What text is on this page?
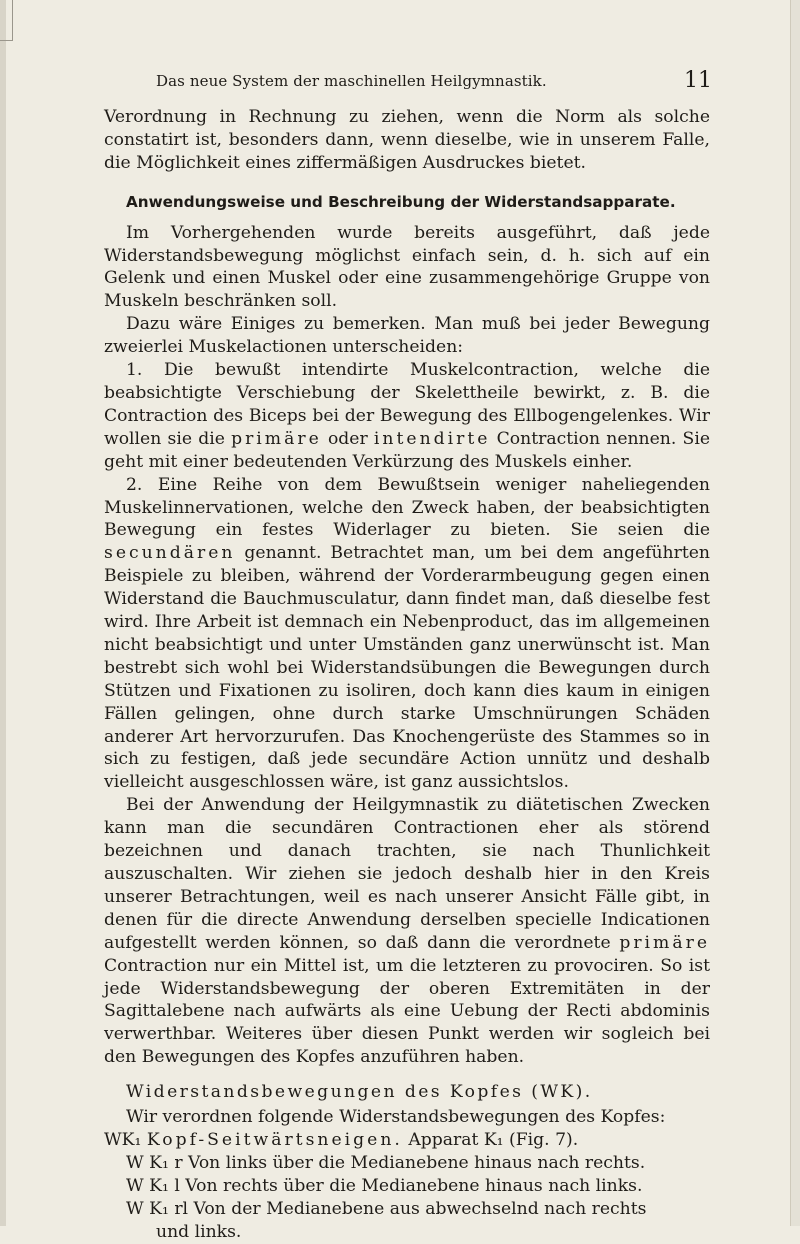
Das neue System der maschinellen Heilgymnastik.	11

Verordnung in Rechnung zu ziehen, wenn die Norm als solche constatirt ist, besonders dann, wenn dieselbe, wie in unserem Falle, die Möglichkeit eines ziffermäßigen Ausdruckes bietet.

Anwendungsweise und Beschreibung der Widerstandsapparate.

Im Vorhergehenden wurde bereits ausgeführt, daß jede Widerstandsbewegung möglichst einfach sein, d. h. sich auf ein Gelenk und einen Muskel oder eine zusammengehörige Gruppe von Muskeln beschränken soll.

Dazu wäre Einiges zu bemerken. Man muß bei jeder Bewegung zweierlei Muskelactionen unterscheiden:

1. Die bewußt intendirte Muskelcontraction, welche die beabsichtigte Verschiebung der Skelettheile bewirkt, z. B. die Contraction des Biceps bei der Bewegung des Ellbogengelenkes. Wir wollen sie die primäre oder intendirte Contraction nennen. Sie geht mit einer bedeutenden Verkürzung des Muskels einher.

2. Eine Reihe von dem Bewußtsein weniger naheliegenden Muskelinnervationen, welche den Zweck haben, der beabsichtigten Bewegung ein festes Widerlager zu bieten. Sie seien die secundären genannt. Betrachtet man, um bei dem angeführten Beispiele zu bleiben, während der Vorderarmbeugung gegen einen Widerstand die Bauchmusculatur, dann findet man, daß dieselbe fest wird. Ihre Arbeit ist demnach ein Nebenproduct, das im allgemeinen nicht beabsichtigt und unter Umständen ganz unerwünscht ist. Man bestrebt sich wohl bei Widerstandsübungen die Bewegungen durch Stützen und Fixationen zu isoliren, doch kann dies kaum in einigen Fällen gelingen, ohne durch starke Umschnürungen Schäden anderer Art hervorzurufen. Das Knochengerüste des Stammes so in sich zu festigen, daß jede secundäre Action unnütz und deshalb vielleicht ausgeschlossen wäre, ist ganz aussichtslos.

Bei der Anwendung der Heilgymnastik zu diätetischen Zwecken kann man die secundären Contractionen eher als störend bezeichnen und danach trachten, sie nach Thunlichkeit auszuschalten. Wir ziehen sie jedoch deshalb hier in den Kreis unserer Betrachtungen, weil es nach unserer Ansicht Fälle gibt, in denen für die directe Anwendung derselben specielle Indicationen aufgestellt werden können, so daß dann die verordnete primäre Contraction nur ein Mittel ist, um die letzteren zu provociren. So ist jede Widerstandsbewegung der oberen Extremitäten in der Sagittalebene nach aufwärts als eine Uebung der Recti abdominis verwerthbar. Weiteres über diesen Punkt werden wir sogleich bei den Bewegungen des Kopfes anzuführen haben.

Widerstandsbewegungen des Kopfes (WK).

Wir verordnen folgende Widerstandsbewegungen des Kopfes:

WK₁ Kopf-Seitwärtsneigen. Apparat K₁ (Fig. 7).

W K₁ r Von links über die Medianebene hinaus nach rechts.

W K₁ l Von rechts über die Medianebene hinaus nach links.

W K₁ rl Von der Medianebene aus abwechselnd nach rechts

und links.
